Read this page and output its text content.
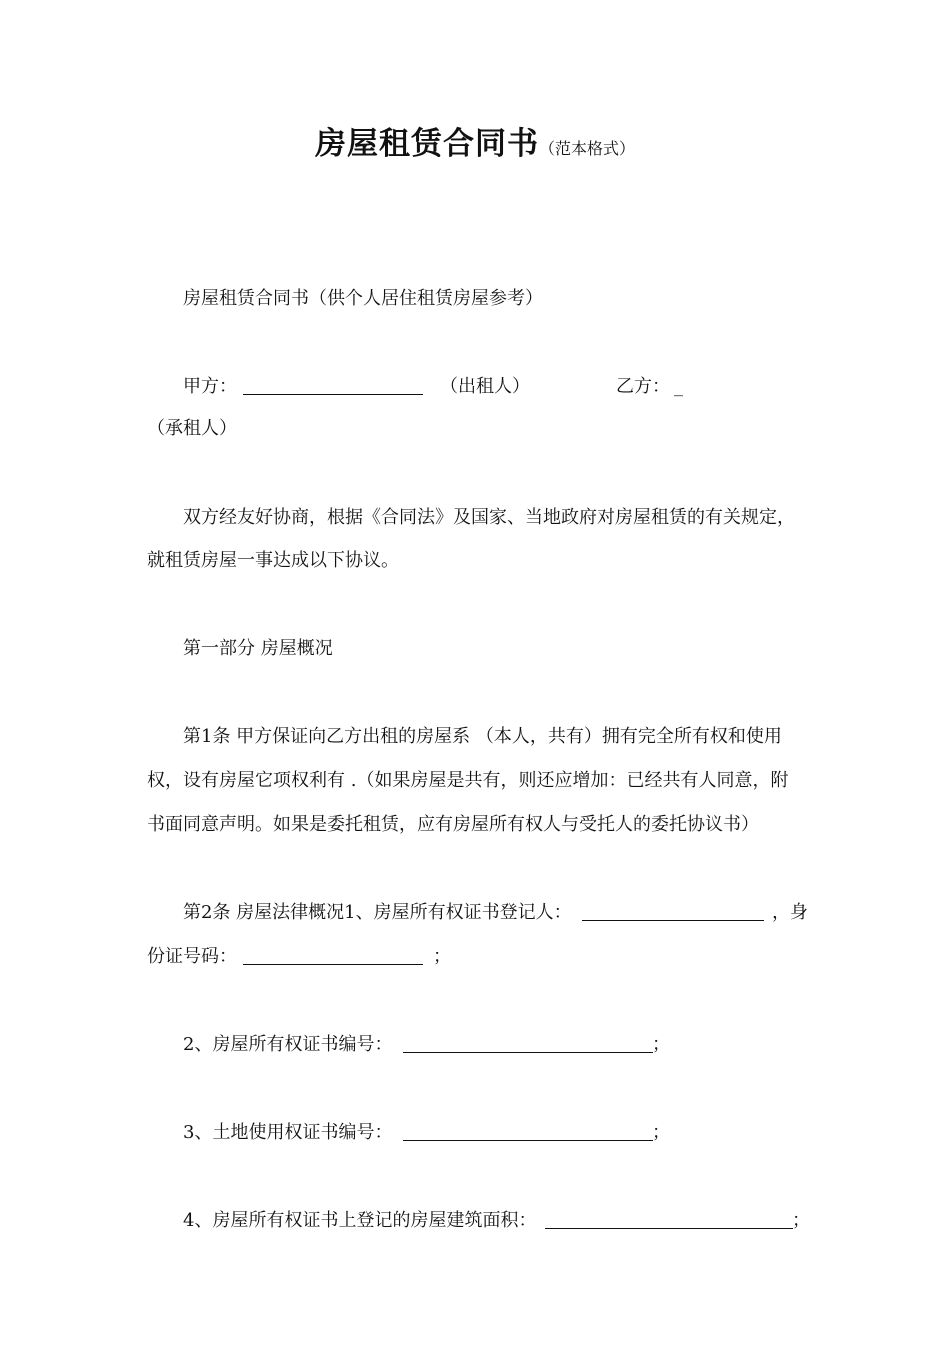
房屋租赁合同书（范本格式）
房屋租赁合同书（供个人居住租赁房屋参考）
甲方：	（出租人）	乙方： _
（承租人）
双方经友好协商，根据《合同法》及国家、当地政府对房屋租赁的有关规定，
就租赁房屋一事达成以下协议。
第一部分 房屋概况
第1条 甲方保证向乙方出租的房屋系 （本人，共有）拥有完全所有权和使用
权，设有房屋它项权利有 .（如果房屋是共有，则还应增加：已经共有人同意，附
书面同意声明。如果是委托租赁，应有房屋所有权人与受托人的委托协议书）
第2条 房屋法律概况1、房屋所有权证书登记人：	，身
份证号码：	；
2、房屋所有权证书编号：	；
3、土地使用权证书编号：	；
4、房屋所有权证书上登记的房屋建筑面积：	；
